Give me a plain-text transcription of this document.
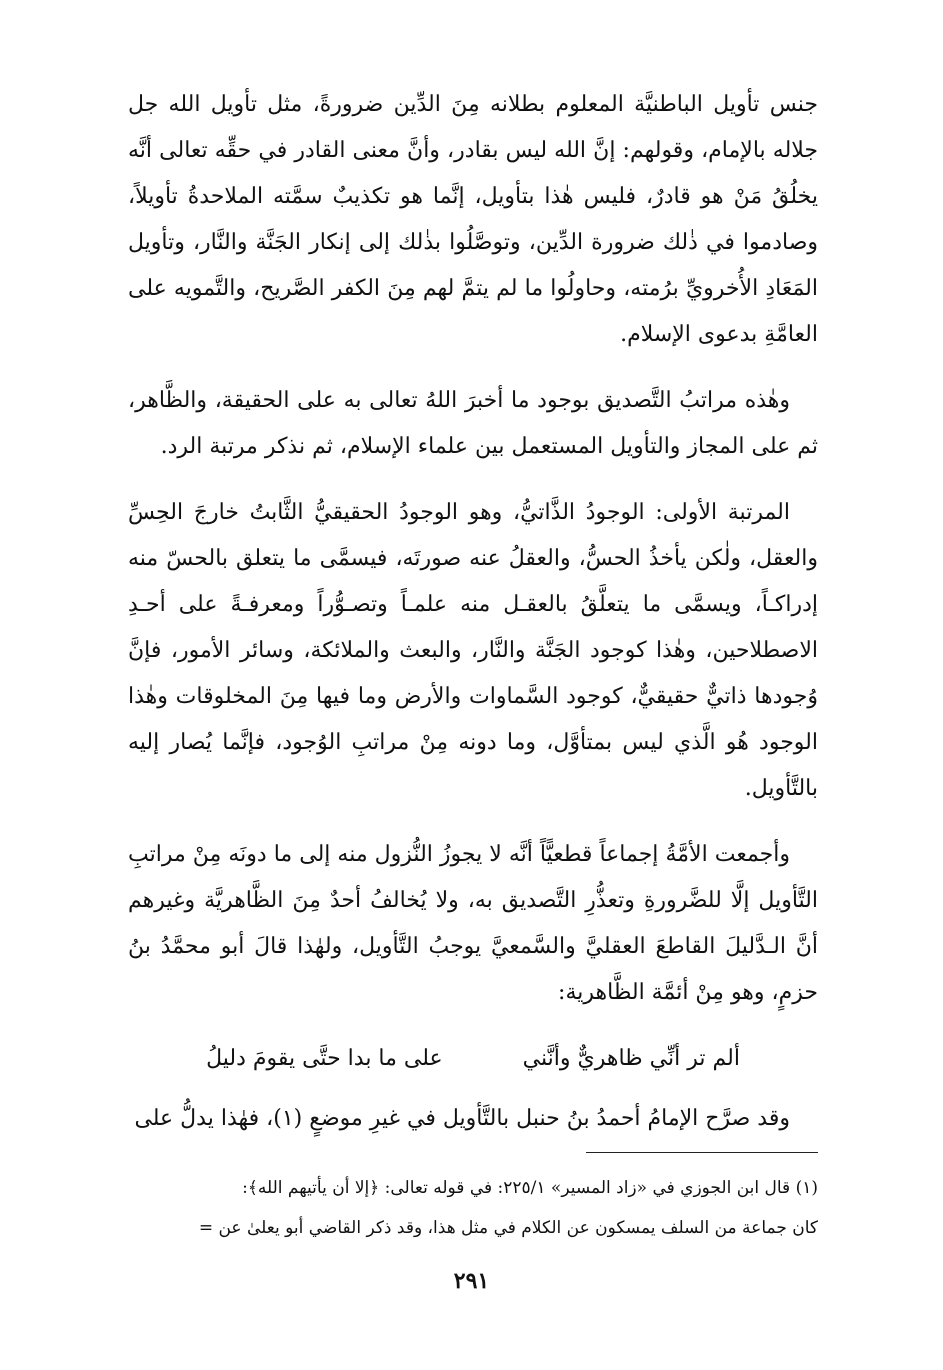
جنس تأويل الباطنيَّة المعلوم بطلانه مِنَ الدِّين ضرورةً، مثل تأويل الله جل جلاله بالإمام، وقولهم: إنَّ الله ليس بقادر، وأنَّ معنى القادر في حقِّه تعالى أنَّه يخلُقُ مَنْ هو قادرٌ، فليس هٰذا بتأويل، إنَّما هو تكذيبٌ سمَّته الملاحدةُ تأويلاً، وصادموا في ذٰلك ضرورة الدِّين، وتوصَّلُوا بذٰلك إلى إنكار الجَنَّة والنَّار، وتأويل المَعَادِ الأُخرويِّ برُمته، وحاولُوا ما لم يتمَّ لهم مِنَ الكفر الصَّريح، والتَّمويه على العامَّةِ بدعوى الإسلام.

وهٰذه مراتبُ التَّصديق بوجود ما أخبرَ اللهُ تعالى به على الحقيقة، والظَّاهر، ثم على المجاز والتأويل المستعمل بين علماء الإسلام، ثم نذكر مرتبة الرد.

المرتبة الأولى: الوجودُ الذَّاتيُّ، وهو الوجودُ الحقيقيُّ الثَّابتُ خارجَ الحِسِّ والعقل، ولٰكن يأخذُ الحسُّ، والعقلُ عنه صورتَه، فيسمَّى ما يتعلق بالحسّ منه إدراكـاً، ويسمَّى ما يتعلَّقُ بالعقـل منه علمـاً وتصـوُّراً ومعرفـةً على أحـدِ الاصطلاحين، وهٰذا كوجود الجَنَّة والنَّار، والبعث والملائكة، وسائر الأمور، فإنَّ وُجودها ذاتيٌّ حقيقيٌّ، كوجود السَّماوات والأرض وما فيها مِنَ المخلوقات وهٰذا الوجود هُو الَّذي ليس بمتأوَّل، وما دونه مِنْ مراتبِ الوُجود، فإنَّما يُصار إليه بالتَّأويل.

وأجمعت الأمَّةُ إجماعاً قطعيًّاً أنَّه لا يجوزُ النُّزول منه إلى ما دونَه مِنْ مراتبِ التَّأويل إلَّا للضَّرورةِ وتعذُّرِ التَّصديق به، ولا يُخالفُ أحدٌ مِنَ الظَّاهريَّة وغيرهم أنَّ الـدَّليلَ القاطعَ العقليَّ والسَّمعيَّ يوجبُ التَّأويل، ولهٰذا قالَ أبو محمَّدُ بنُ حزمٍ، وهو مِنْ أئمَّة الظَّاهرية:

ألم تر أنِّي ظاهريٌّ وأنَّني
على ما بدا حتَّى يقومَ دليلُ

وقد صرَّح الإمامُ أحمدُ بنُ حنبل بالتَّأويل في غيرِ موضعٍ (١)، فهٰذا يدلُّ على

(١) قال ابن الجوزي في «زاد المسير» ٢٢٥/١: في قوله تعالى: ﴿إلا أن يأتيهم الله﴾:
كان جماعة من السلف يمسكون عن الكلام في مثل هذا، وقد ذكر القاضي أبو يعلىٰ عن =
٢٩١
